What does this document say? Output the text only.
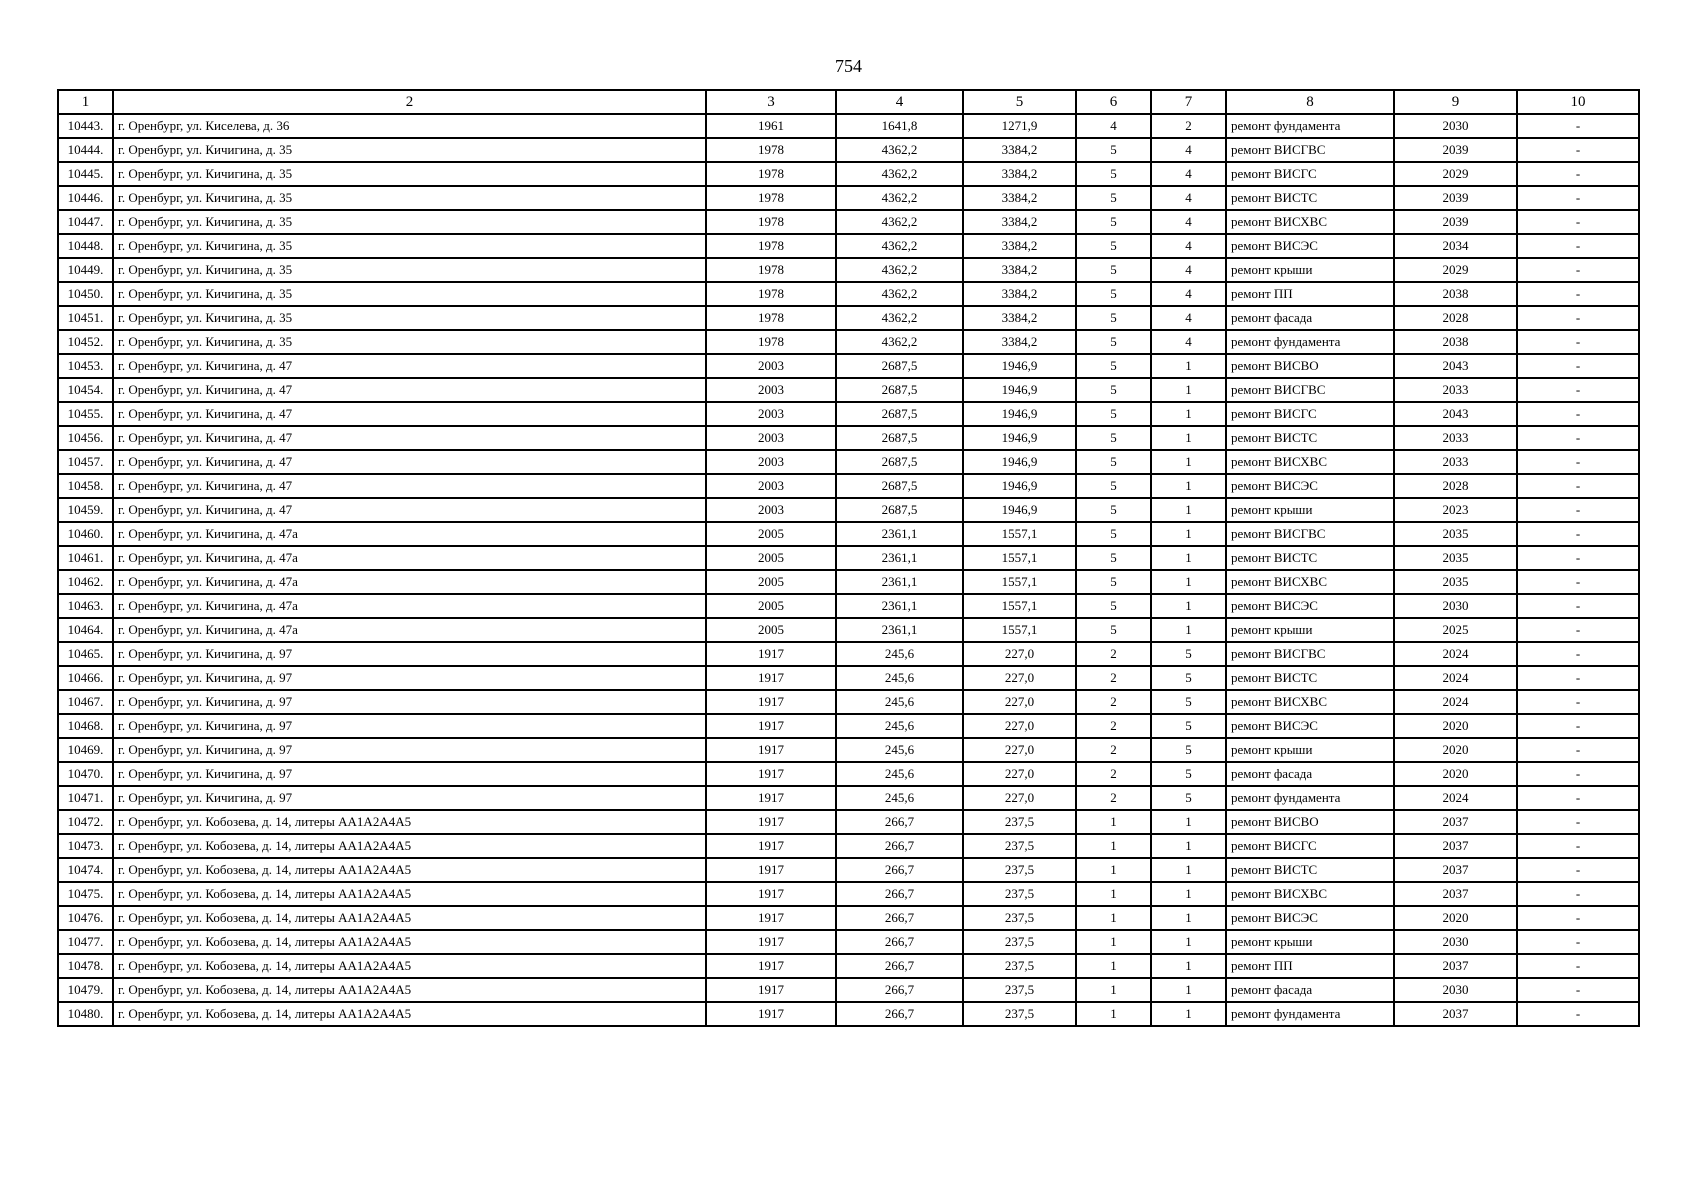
754
1	2	3	4	5	6	7	8	9	10
10443.	г. Оренбург, ул. Киселева, д. 36	1961	1641,8	1271,9	4	2	ремонт фундамента	2030	-
10444.	г. Оренбург, ул. Кичигина, д. 35	1978	4362,2	3384,2	5	4	ремонт ВИСГВС	2039	-
10445.	г. Оренбург, ул. Кичигина, д. 35	1978	4362,2	3384,2	5	4	ремонт ВИСГС	2029	-
10446.	г. Оренбург, ул. Кичигина, д. 35	1978	4362,2	3384,2	5	4	ремонт ВИСТС	2039	-
10447.	г. Оренбург, ул. Кичигина, д. 35	1978	4362,2	3384,2	5	4	ремонт ВИСХВС	2039	-
10448.	г. Оренбург, ул. Кичигина, д. 35	1978	4362,2	3384,2	5	4	ремонт ВИСЭС	2034	-
10449.	г. Оренбург, ул. Кичигина, д. 35	1978	4362,2	3384,2	5	4	ремонт крыши	2029	-
10450.	г. Оренбург, ул. Кичигина, д. 35	1978	4362,2	3384,2	5	4	ремонт ПП	2038	-
10451.	г. Оренбург, ул. Кичигина, д. 35	1978	4362,2	3384,2	5	4	ремонт фасада	2028	-
10452.	г. Оренбург, ул. Кичигина, д. 35	1978	4362,2	3384,2	5	4	ремонт фундамента	2038	-
10453.	г. Оренбург, ул. Кичигина, д. 47	2003	2687,5	1946,9	5	1	ремонт ВИСВО	2043	-
10454.	г. Оренбург, ул. Кичигина, д. 47	2003	2687,5	1946,9	5	1	ремонт ВИСГВС	2033	-
10455.	г. Оренбург, ул. Кичигина, д. 47	2003	2687,5	1946,9	5	1	ремонт ВИСГС	2043	-
10456.	г. Оренбург, ул. Кичигина, д. 47	2003	2687,5	1946,9	5	1	ремонт ВИСТС	2033	-
10457.	г. Оренбург, ул. Кичигина, д. 47	2003	2687,5	1946,9	5	1	ремонт ВИСХВС	2033	-
10458.	г. Оренбург, ул. Кичигина, д. 47	2003	2687,5	1946,9	5	1	ремонт ВИСЭС	2028	-
10459.	г. Оренбург, ул. Кичигина, д. 47	2003	2687,5	1946,9	5	1	ремонт крыши	2023	-
10460.	г. Оренбург, ул. Кичигина, д. 47а	2005	2361,1	1557,1	5	1	ремонт ВИСГВС	2035	-
10461.	г. Оренбург, ул. Кичигина, д. 47а	2005	2361,1	1557,1	5	1	ремонт ВИСТС	2035	-
10462.	г. Оренбург, ул. Кичигина, д. 47а	2005	2361,1	1557,1	5	1	ремонт ВИСХВС	2035	-
10463.	г. Оренбург, ул. Кичигина, д. 47а	2005	2361,1	1557,1	5	1	ремонт ВИСЭС	2030	-
10464.	г. Оренбург, ул. Кичигина, д. 47а	2005	2361,1	1557,1	5	1	ремонт крыши	2025	-
10465.	г. Оренбург, ул. Кичигина, д. 97	1917	245,6	227,0	2	5	ремонт ВИСГВС	2024	-
10466.	г. Оренбург, ул. Кичигина, д. 97	1917	245,6	227,0	2	5	ремонт ВИСТС	2024	-
10467.	г. Оренбург, ул. Кичигина, д. 97	1917	245,6	227,0	2	5	ремонт ВИСХВС	2024	-
10468.	г. Оренбург, ул. Кичигина, д. 97	1917	245,6	227,0	2	5	ремонт ВИСЭС	2020	-
10469.	г. Оренбург, ул. Кичигина, д. 97	1917	245,6	227,0	2	5	ремонт крыши	2020	-
10470.	г. Оренбург, ул. Кичигина, д. 97	1917	245,6	227,0	2	5	ремонт фасада	2020	-
10471.	г. Оренбург, ул. Кичигина, д. 97	1917	245,6	227,0	2	5	ремонт фундамента	2024	-
10472.	г. Оренбург, ул. Кобозева, д. 14, литеры АА1А2А4А5	1917	266,7	237,5	1	1	ремонт ВИСВО	2037	-
10473.	г. Оренбург, ул. Кобозева, д. 14, литеры АА1А2А4А5	1917	266,7	237,5	1	1	ремонт ВИСГС	2037	-
10474.	г. Оренбург, ул. Кобозева, д. 14, литеры АА1А2А4А5	1917	266,7	237,5	1	1	ремонт ВИСТС	2037	-
10475.	г. Оренбург, ул. Кобозева, д. 14, литеры АА1А2А4А5	1917	266,7	237,5	1	1	ремонт ВИСХВС	2037	-
10476.	г. Оренбург, ул. Кобозева, д. 14, литеры АА1А2А4А5	1917	266,7	237,5	1	1	ремонт ВИСЭС	2020	-
10477.	г. Оренбург, ул. Кобозева, д. 14, литеры АА1А2А4А5	1917	266,7	237,5	1	1	ремонт крыши	2030	-
10478.	г. Оренбург, ул. Кобозева, д. 14, литеры АА1А2А4А5	1917	266,7	237,5	1	1	ремонт ПП	2037	-
10479.	г. Оренбург, ул. Кобозева, д. 14, литеры АА1А2А4А5	1917	266,7	237,5	1	1	ремонт фасада	2030	-
10480.	г. Оренбург, ул. Кобозева, д. 14, литеры АА1А2А4А5	1917	266,7	237,5	1	1	ремонт фундамента	2037	-
